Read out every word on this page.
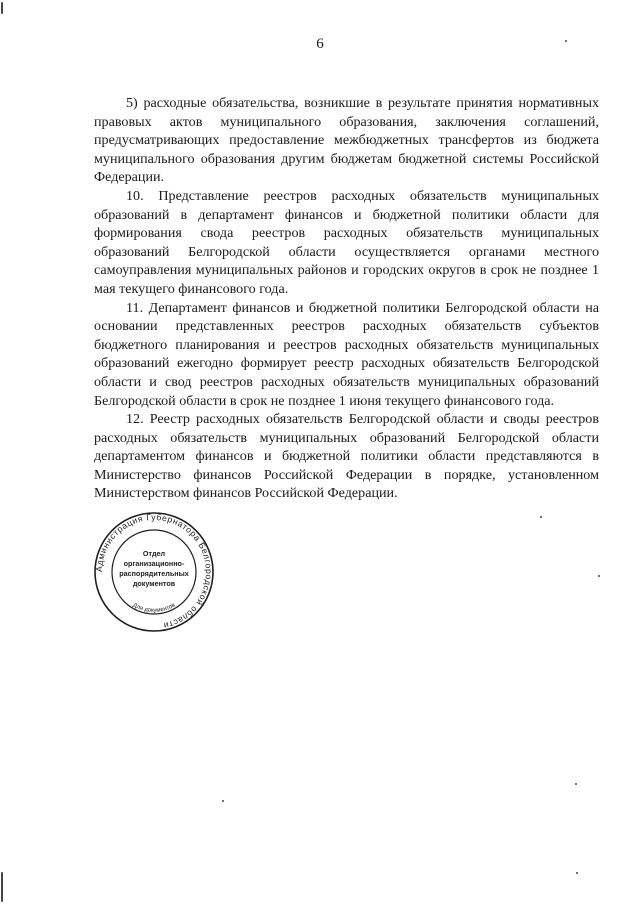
6

5) расходные обязательства, возникшие в результате принятия нормативных правовых актов муниципального образования, заключения соглашений, предусматривающих предоставление межбюджетных трансфертов из бюджета муниципального образования другим бюджетам бюджетной системы Российской Федерации.

10. Представление реестров расходных обязательств муниципальных образований в департамент финансов и бюджетной политики области для формирования свода реестров расходных обязательств муниципальных образований Белгородской области осуществляется органами местного самоуправления муниципальных районов и городских округов в срок не позднее 1 мая текущего финансового года.

11. Департамент финансов и бюджетной политики Белгородской области на основании представленных реестров расходных обязательств субъектов бюджетного планирования и реестров расходных обязательств муниципальных образований ежегодно формирует реестр расходных обязательств Белгородской области и свод реестров расходных обязательств муниципальных образований Белгородской области в срок не позднее 1 июня текущего финансового года.

12. Реестр расходных обязательств Белгородской области и своды реестров расходных обязательств муниципальных образований Белгородской области департаментом финансов и бюджетной политики области представляются в Министерство финансов Российской Федерации в порядке, установленном Министерством финансов Российской Федерации.

Администрация Губернатора Белгородской области
Для документов
Отдел
организационно-
распорядительных
документов
